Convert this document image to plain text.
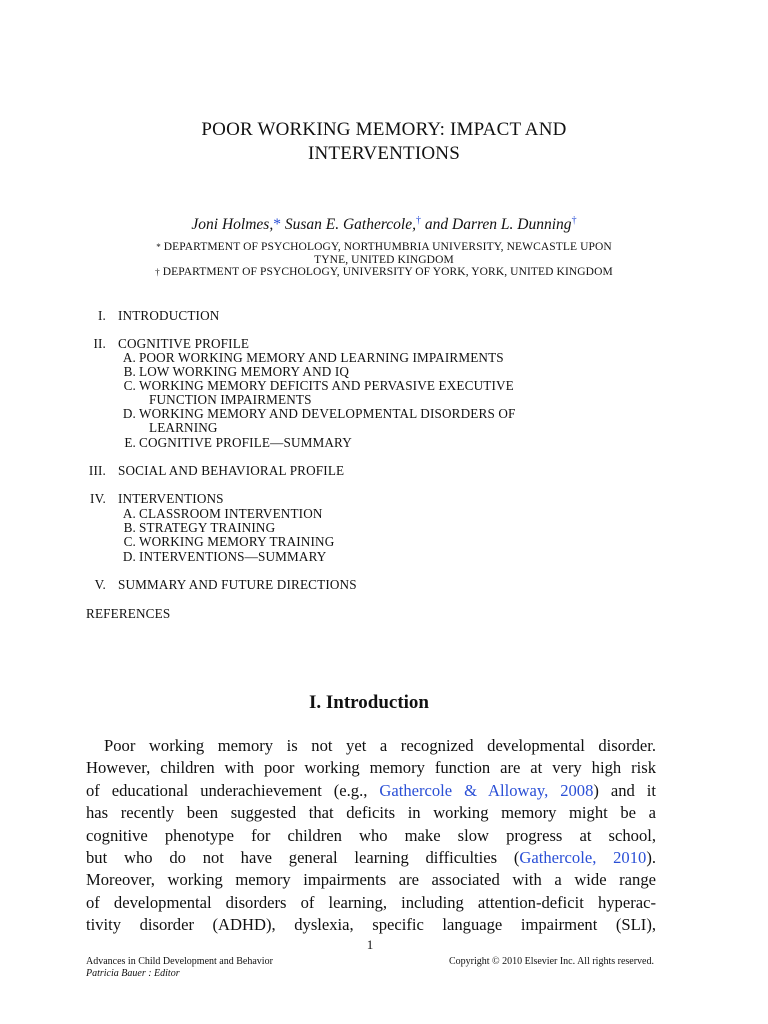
POOR WORKING MEMORY: IMPACT AND
INTERVENTIONS
Joni Holmes,* Susan E. Gathercole,† and Darren L. Dunning†
* DEPARTMENT OF PSYCHOLOGY, NORTHUMBRIA UNIVERSITY, NEWCASTLE UPON
TYNE, UNITED KINGDOM
† DEPARTMENT OF PSYCHOLOGY, UNIVERSITY OF YORK, YORK, UNITED KINGDOM
I. INTRODUCTION
II. COGNITIVE PROFILE
A. POOR WORKING MEMORY AND LEARNING IMPAIRMENTS
B. LOW WORKING MEMORY AND IQ
C. WORKING MEMORY DEFICITS AND PERVASIVE EXECUTIVE
FUNCTION IMPAIRMENTS
D. WORKING MEMORY AND DEVELOPMENTAL DISORDERS OF
LEARNING
E. COGNITIVE PROFILE—SUMMARY
III. SOCIAL AND BEHAVIORAL PROFILE
IV. INTERVENTIONS
A. CLASSROOM INTERVENTION
B. STRATEGY TRAINING
C. WORKING MEMORY TRAINING
D. INTERVENTIONS—SUMMARY
V. SUMMARY AND FUTURE DIRECTIONS
REFERENCES
I. Introduction
Poor working memory is not yet a recognized developmental disorder.
However, children with poor working memory function are at very high risk
of educational underachievement (e.g., Gathercole & Alloway, 2008) and it
has recently been suggested that deficits in working memory might be a
cognitive phenotype for children who make slow progress at school,
but who do not have general learning difficulties (Gathercole, 2010).
Moreover, working memory impairments are associated with a wide range
of developmental disorders of learning, including attention-deficit hyperac-
tivity disorder (ADHD), dyslexia, specific language impairment (SLI),
1
Advances in Child Development and Behavior
Patricia Bauer : Editor
Copyright © 2010 Elsevier Inc. All rights reserved.
